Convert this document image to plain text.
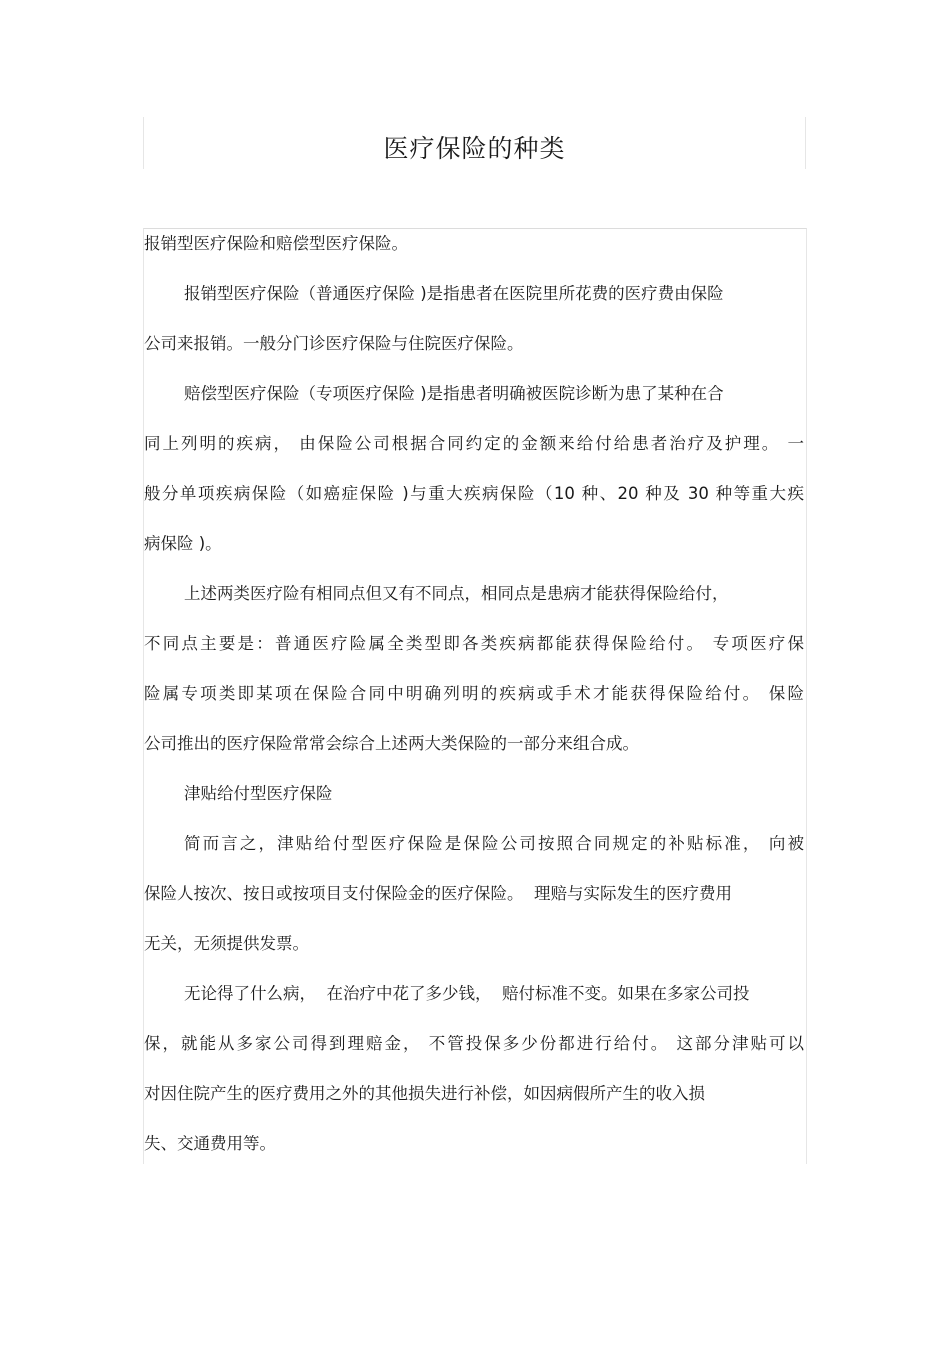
医疗保险的种类
报销型医疗保险和赔偿型医疗保险。
报销型医疗保险（普通医疗保险 )是指患者在医院里所花费的医疗费由保险
公司来报销。一般分门诊医疗保险与住院医疗保险。
赔偿型医疗保险（专项医疗保险 )是指患者明确被医院诊断为患了某种在合
同上列明的疾病， 由保险公司根据合同约定的金额来给付给患者治疗及护理。 一
般分单项疾病保险（如癌症保险 )与重大疾病保险（10 种、20 种及 30 种等重大疾
病保险 )。
上述两类医疗险有相同点但又有不同点，相同点是患病才能获得保险给付，
不同点主要是：普通医疗险属全类型即各类疾病都能获得保险给付。 专项医疗保
险属专项类即某项在保险合同中明确列明的疾病或手术才能获得保险给付。 保险
公司推出的医疗保险常常会综合上述两大类保险的一部分来组合成。
津贴给付型医疗保险
简而言之，津贴给付型医疗保险是保险公司按照合同规定的补贴标准， 向被
保险人按次、按日或按项目支付保险金的医疗保险。  理赔与实际发生的医疗费用
无关，无须提供发票。
无论得了什么病，  在治疗中花了多少钱，  赔付标准不变。如果在多家公司投
保，就能从多家公司得到理赔金， 不管投保多少份都进行给付。 这部分津贴可以
对因住院产生的医疗费用之外的其他损失进行补偿，如因病假所产生的收入损
失、交通费用等。
